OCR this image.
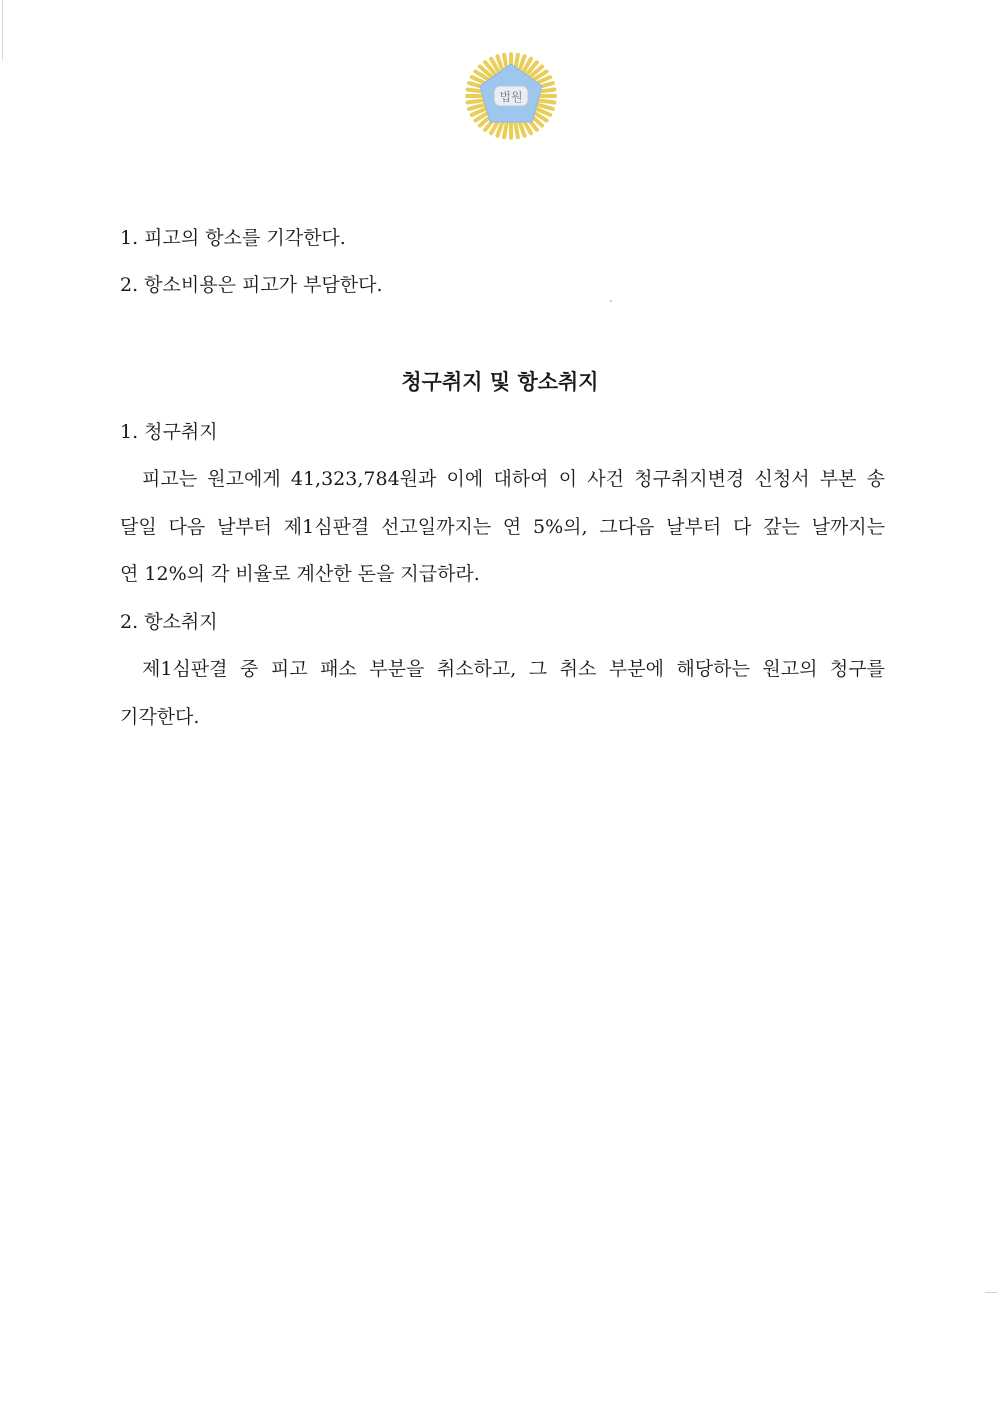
법원
1. 피고의 항소를 기각한다.
2. 항소비용은 피고가 부담한다.
청구취지 및 항소취지
1. 청구취지
피고는 원고에게 41,323,784원과 이에 대하여 이 사건 청구취지변경 신청서 부본 송
달일 다음 날부터 제1심판결 선고일까지는 연 5%의, 그다음 날부터 다 갚는 날까지는
연 12%의 각 비율로 계산한 돈을 지급하라.
2. 항소취지
제1심판결 중 피고 패소 부분을 취소하고, 그 취소 부분에 해당하는 원고의 청구를
기각한다.
